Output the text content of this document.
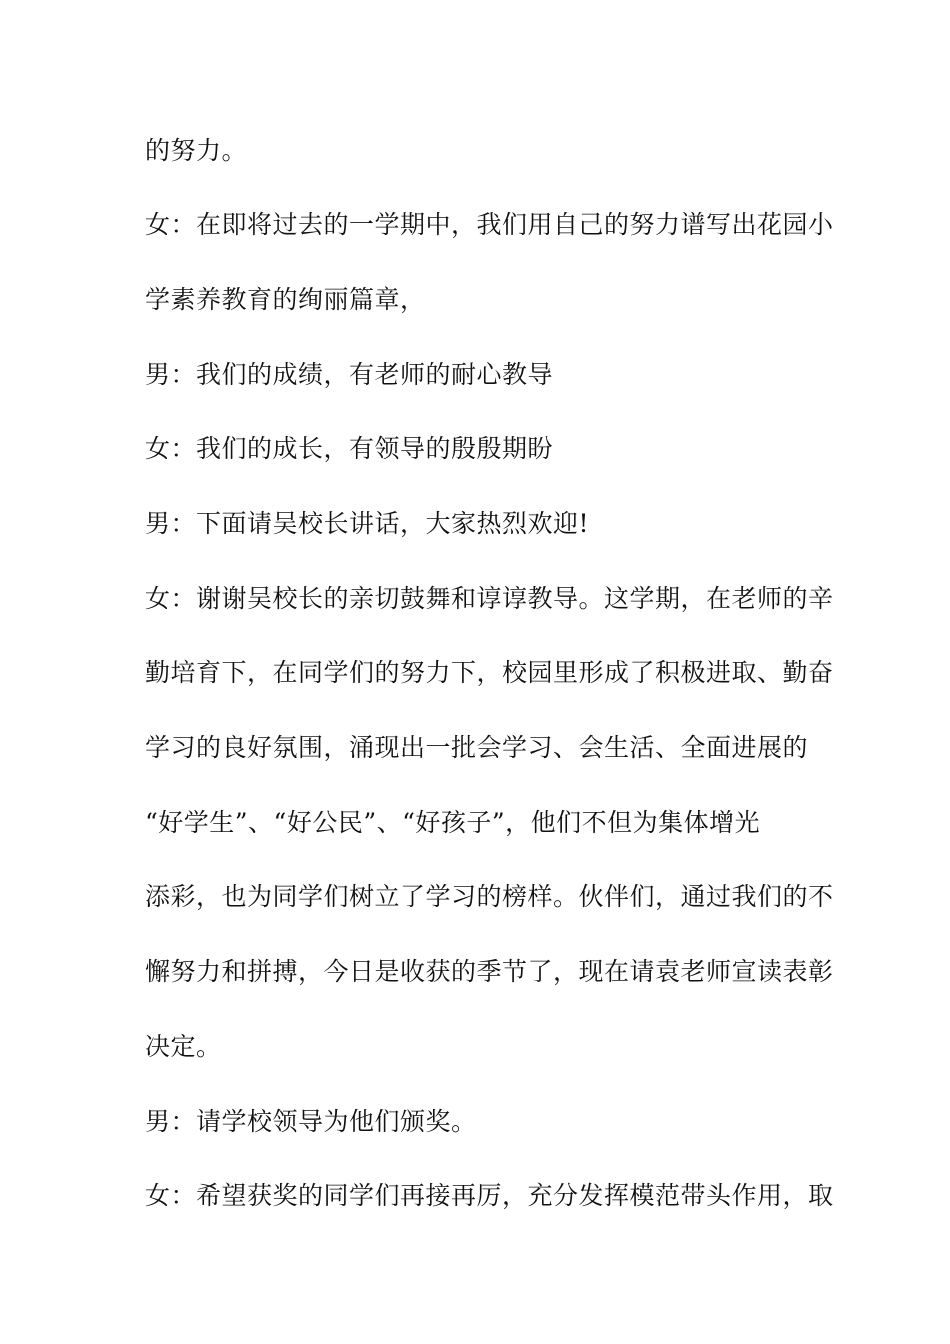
的努力。
女：在即将过去的一学期中，我们用自己的努力谱写出花园小
学素养教育的绚丽篇章，
男：我们的成绩，有老师的耐心教导
女：我们的成长，有领导的殷殷期盼
男：下面请吴校长讲话，大家热烈欢迎!
女：谢谢吴校长的亲切鼓舞和谆谆教导。这学期，在老师的辛
勤培育下，在同学们的努力下，校园里形成了积极进取、勤奋
学习的良好氛围，涌现出一批会学习、会生活、全面进展的
“好学生”、“好公民”、“好孩子”，他们不但为集体增光
添彩，也为同学们树立了学习的榜样。伙伴们，通过我们的不
懈努力和拼搏，今日是收获的季节了，现在请袁老师宣读表彰
决定。
男：请学校领导为他们颁奖。
女：希望获奖的同学们再接再厉，充分发挥模范带头作用，取
